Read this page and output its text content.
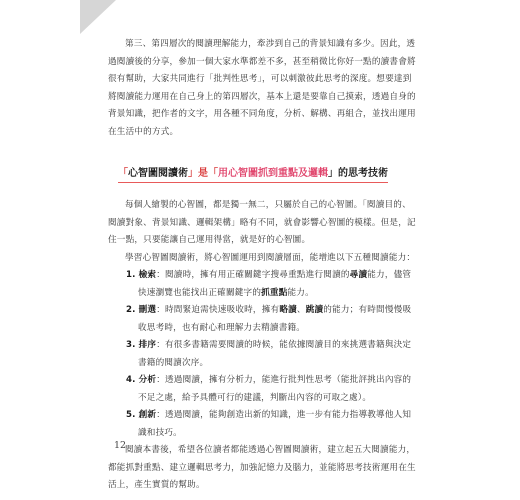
第三、第四層次的閱讀理解能力，牽涉到自己的背景知識有多少。因此，透過閱讀後的分享，參加一個大家水準都差不多，甚至稍微比你好一點的讀書會將很有幫助，大家共同進行「批判性思考」，可以刺激彼此思考的深度。想要達到將閱讀能力運用在自己身上的第四層次，基本上還是要靠自己摸索，透過自身的背景知識，把作者的文字，用各種不同角度，分析、解構、再組合，並找出運用在生活中的方式。

「心智圖閱讀術」是「用心智圖抓到重點及邏輯」的思考技術

每個人繪製的心智圖，都是獨一無二，只屬於自己的心智圖。「閱讀目的、閱讀對象、背景知識、邏輯架構」略有不同，就會影響心智圖的模樣。但是，記住一點，只要能讓自己運用得當，就是好的心智圖。

學習心智圖閱讀術，將心智圖運用到閱讀層面，能增進以下五種閱讀能力：

1. 檢索：閱讀時，擁有用正確關鍵字搜尋重點進行閱讀的尋讀能力，儘管快速瀏覽也能找出正確關鍵字的抓重點能力。
2. 刪選：時間緊迫需快速吸收時，擁有略讀、跳讀的能力；有時間慢慢吸收思考時，也有耐心和理解力去精讀書籍。
3. 排序：有很多書籍需要閱讀的時候，能依據閱讀目的來挑選書籍與決定書籍的閱讀次序。
4. 分析：透過閱讀，擁有分析力，能進行批判性思考（能批評挑出內容的不足之處，給予具體可行的建議，判斷出內容的可取之處）。
5. 創新：透過閱讀，能夠創造出新的知識，進一步有能力指導教導他人知識和技巧。

閱讀本書後，希望各位讀者都能透過心智圖閱讀術，建立起五大閱讀能力，都能抓對重點、建立邏輯思考力，加強記憶力及腦力，並能將思考技術運用在生活上，產生實質的幫助。

12
